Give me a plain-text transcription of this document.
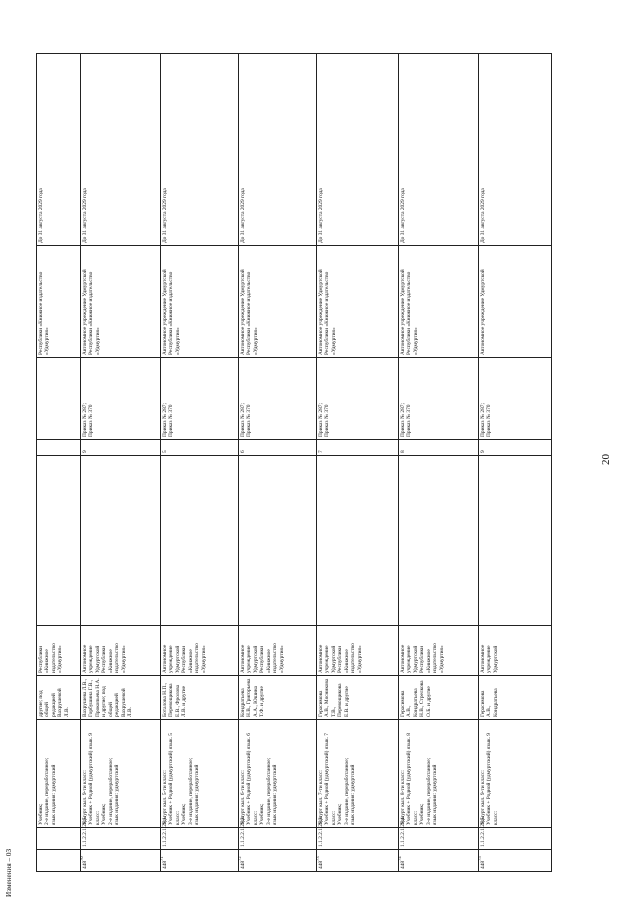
20
Изменения – 03
		Учебник;
2-е издание, переработанное;
язык издания: удмуртский	другие; под общей редакцией Вахрушевой Л.В.	Республики «Книжное издательство «Удмуртия»				Республики «Книжное издательство «Удмуртия»	До 31 августа 2029 года
$448^{70}$	1.1.2.2.1.28.5.	Удмурт кыл. 9-ти класс:
Учебник + Родной (удмуртский) язык. 9 класс:
Учебник;
2-е издание, переработанное;
язык издания: удмуртский	Вахрушева Л.В., Горбушина Г.В., Прокопьева Н.А. и другие; под общей редакцией Вахрушевой Л.В.	Автономное учреждение Удмуртской Республики «Книжное издательство «Удмуртия»		9	Приказ № 287;
Приказ № 370	Автономное учреждение Удмуртской Республики «Книжное издательство «Удмуртия»	До 31 августа 2029 года
$448^{71}$	1.1.2.2.1.29.1.	Удмурт кыл. 5-ти класс:
Учебник + Родной (удмуртский) язык. 5 класс:
Учебник;
3-е издание, переработанное;
язык издания: удмуртский	Боталова Н.П., Перевощикова Е.В., Фролова Л.В. и другие	Автономное учреждение Удмуртской Республики «Книжное издательство «Удмуртия»		5	Приказ № 287;
Приказ № 370	Автономное учреждение Удмуртской Республики «Книжное издательство «Удмуртия»	До 31 августа 2029 года
$448^{72}$	1.1.2.2.1.29.2.	Удмурт кыл. 6-ти класс:
Учебник + Родной (удмуртский) язык. 6 класс:
Учебник;
3-е издание, переработанное;
язык издания: удмуртский	Кондратьева Н.В., Григорьева А.А., Юшина Т.Ф. и другие	Автономное учреждение Удмуртской Республики «Книжное издательство «Удмуртия»		6	Приказ № 287;
Приказ № 370	Автономное учреждение Удмуртской Республики «Книжное издательство «Удмуртия»	До 31 августа 2029 года
$448^{73}$	1.1.2.2.1.29.3.	Удмурт кыл. 7-ти класс:
Учебник + Родной (удмуртский) язык. 7 класс:
Учебник;
3-е издание, переработанное;
язык издания: удмуртский	Герасимова А.В., Мясникова Т.В., Перевощикова Е.В. и другие	Автономное учреждение Удмуртской Республики «Книжное издательство «Удмуртия»		7	Приказ № 287;
Приказ № 370	Автономное учреждение Удмуртской Республики «Книжное издательство «Удмуртия»	До 31 августа 2029 года
$448^{74}$	1.1.2.2.1.29.4.	Удмурт кыл. 8-ти класс:
Учебник + Родной (удмуртский) язык. 8 класс:
Учебник;
3-е издание, переработанное;
язык издания: удмуртский	Герасимова А.В., Кондратьева Н.В., Стрелкова О.Б. и другие	Автономное учреждение Удмуртской Республики «Книжное издательство «Удмуртия»		8	Приказ № 287;
Приказ № 370	Автономное учреждение Удмуртской Республики «Книжное издательство «Удмуртия»	До 31 августа 2029 года
$448^{75}$	1.1.2.2.1.29.5.	Удмурт кыл. 9-ти класс:
Учебник + Родной (удмуртский) язык. 9 класс:	Герасимова А.В., Кондратьева	Автономное учреждение Удмуртской		9	Приказ № 287;
Приказ № 370	Автономное учреждение Удмуртской	До 31 августа 2029 года
